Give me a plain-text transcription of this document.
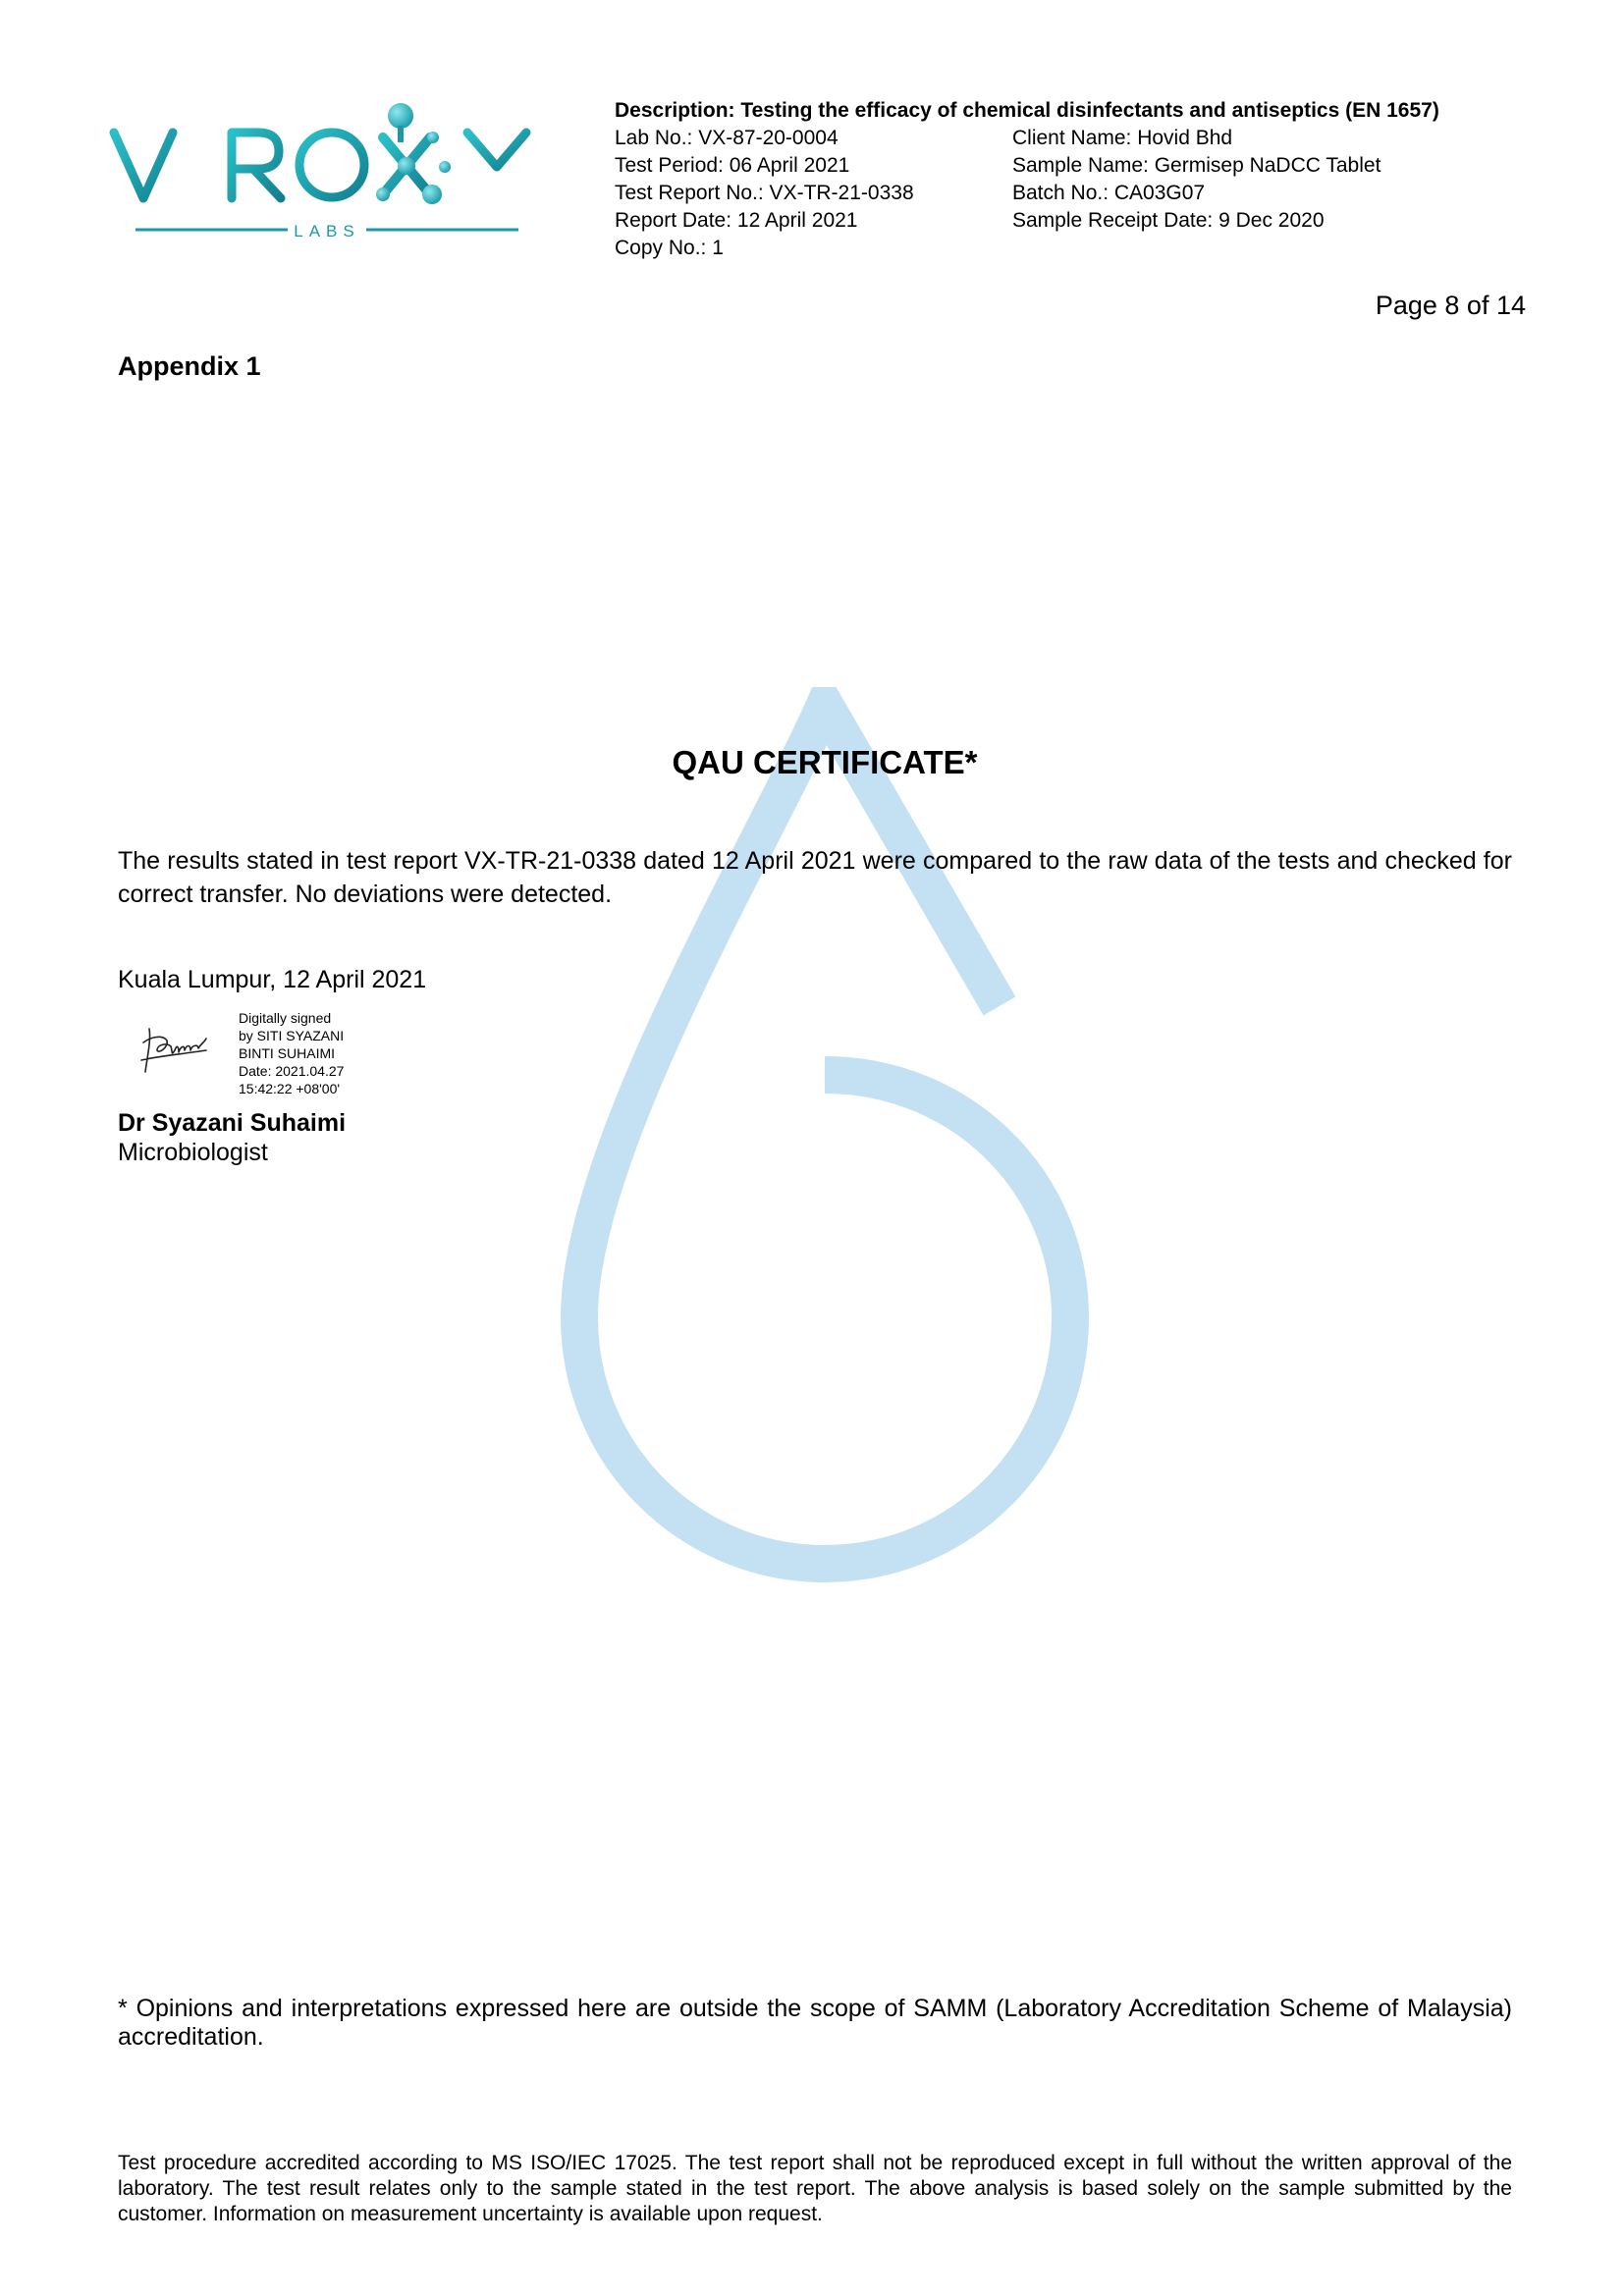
LABS
Description: Testing the efficacy of chemical disinfectants and antiseptics (EN 1657)
Lab No.: VX-87-20-0004
Test Period: 06 April 2021
Test Report No.: VX-TR-21-0338
Report Date: 12 April 2021
Copy No.: 1
Client Name: Hovid Bhd
Sample Name: Germisep NaDCC Tablet
Batch No.: CA03G07
Sample Receipt Date: 9 Dec 2020
Page 8 of 14
Appendix 1
QAU CERTIFICATE*
The results stated in test report VX-TR-21-0338 dated 12 April 2021 were compared to the raw data of the tests and checked for correct transfer. No deviations were detected.
Kuala Lumpur, 12 April 2021
Digitally signed
by SITI SYAZANI
BINTI SUHAIMI
Date: 2021.04.27
15:42:22 +08'00'
Dr Syazani Suhaimi
Microbiologist
* Opinions and interpretations expressed here are outside the scope of SAMM (Laboratory Accreditation Scheme of Malaysia) accreditation.
Test procedure accredited according to MS ISO/IEC 17025. The test report shall not be reproduced except in full without the written approval of the laboratory. The test result relates only to the sample stated in the test report. The above analysis is based solely on the sample submitted by the customer. Information on measurement uncertainty is available upon request.
